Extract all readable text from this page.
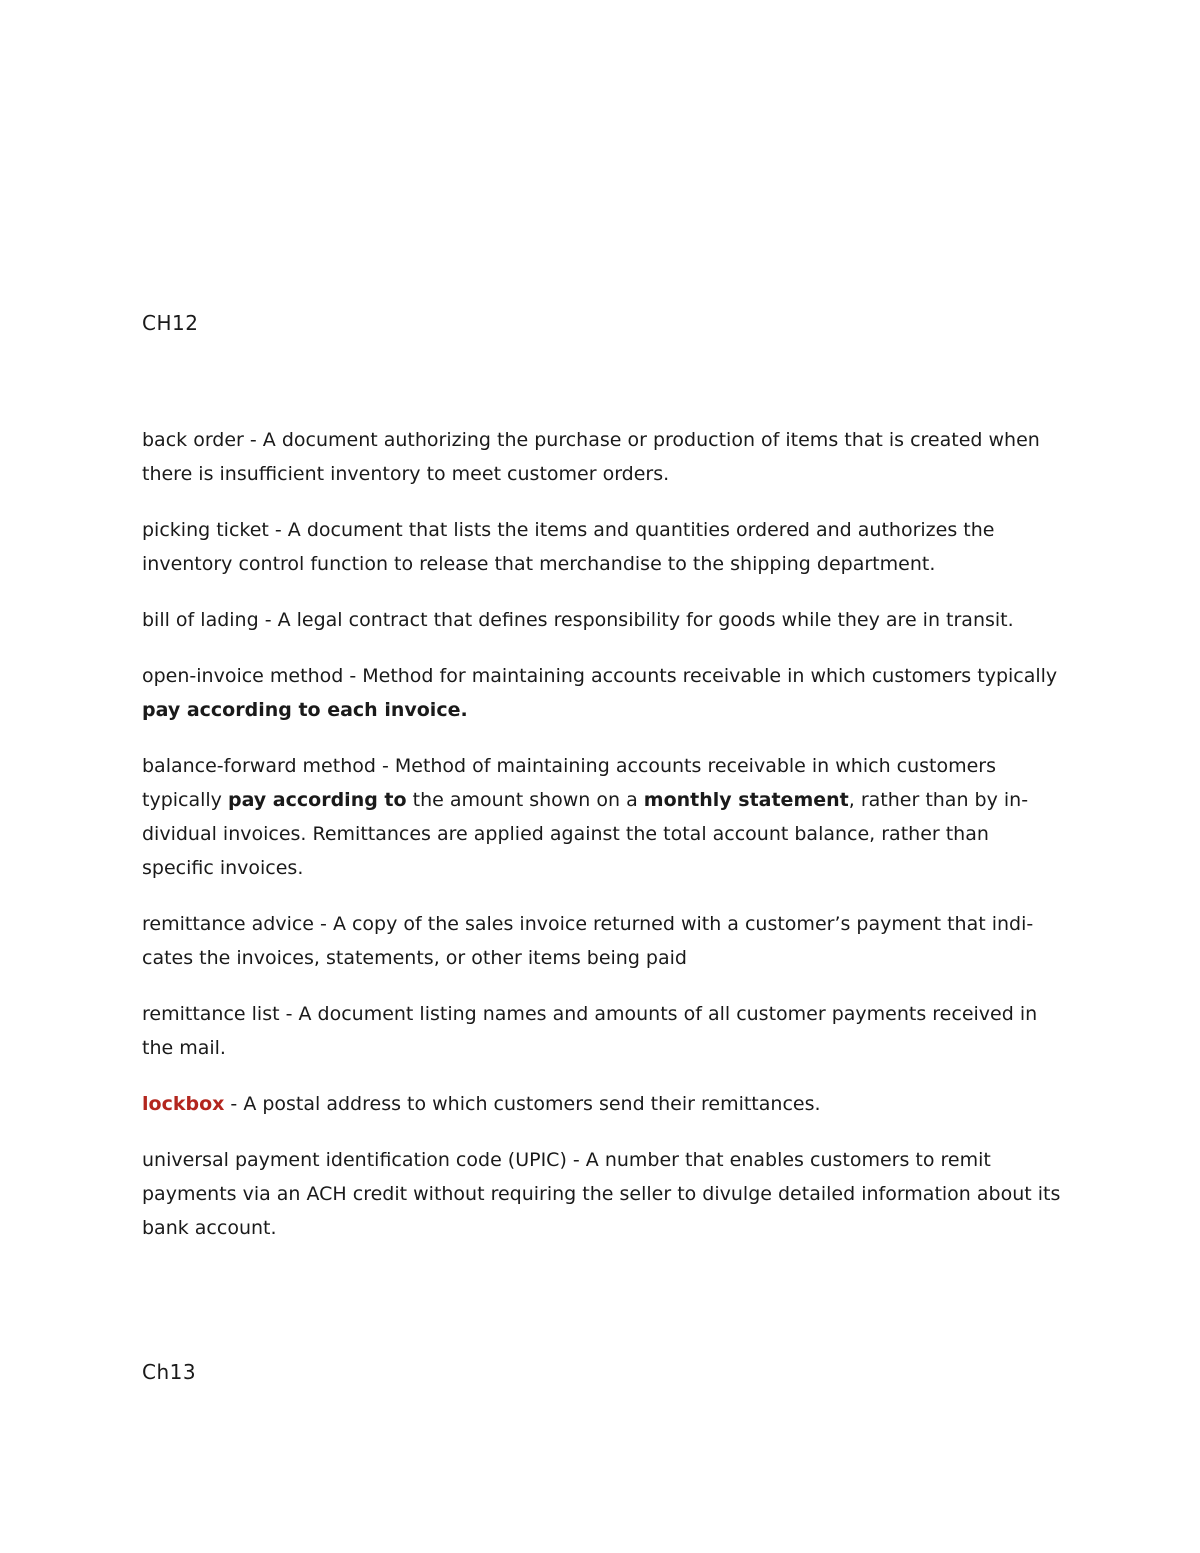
CH12

back order - A document authorizing the purchase or production of items that is created when there is insufficient inventory to meet customer orders.

picking ticket - A document that lists the items and quantities ordered and authorizes the inventory control function to release that merchandise to the shipping department.

bill of lading - A legal contract that defines responsibility for goods while they are in transit.

open-invoice method - Method for maintaining accounts receivable in which customers typically pay according to each invoice.

balance-forward method - Method of maintaining accounts receivable in which customers typically pay according to the amount shown on a monthly statement, rather than by in- dividual invoices. Remittances are applied against the total account balance, rather than specific invoices.

remittance advice - A copy of the sales invoice returned with a customer’s payment that indi- cates the invoices, statements, or other items being paid

remittance list - A document listing names and amounts of all customer payments received in the mail.

lockbox - A postal address to which customers send their remittances.

universal payment identification code (UPIC) - A number that enables customers to remit payments via an ACH credit without requiring the seller to divulge detailed information about its bank account.

Ch13
